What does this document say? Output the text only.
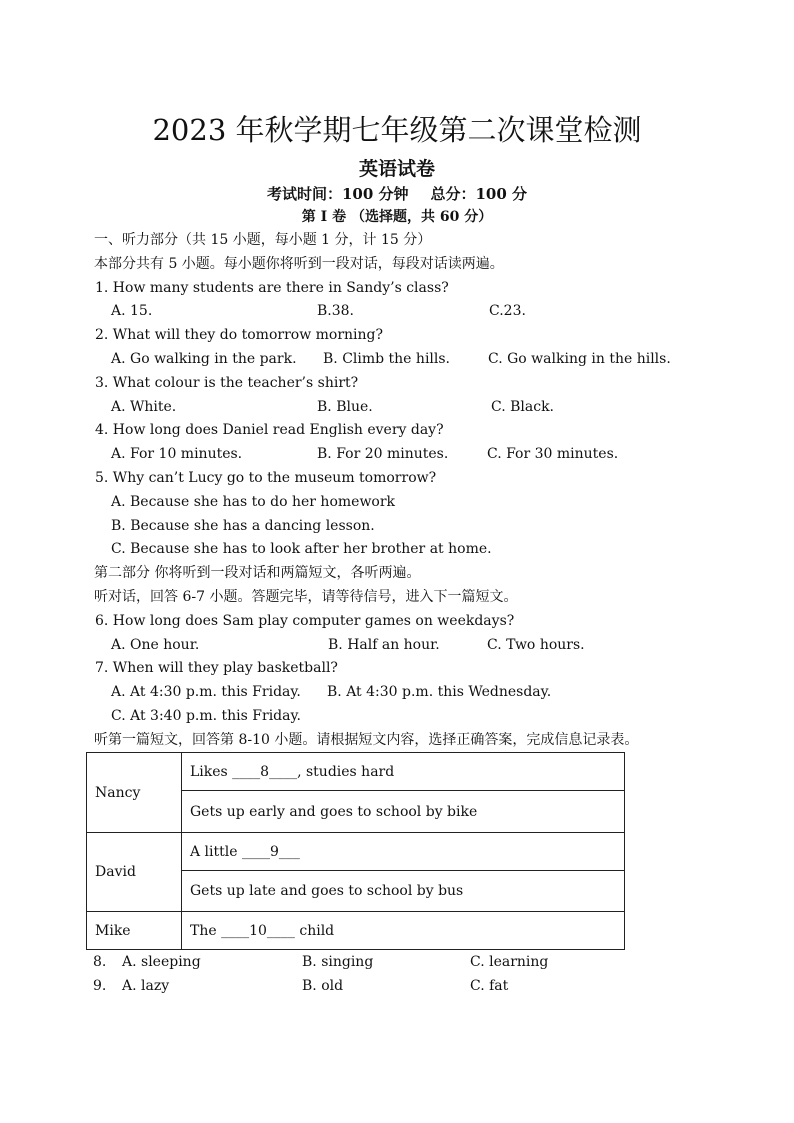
2023 年秋学期七年级第二次课堂检测
英语试卷
考试时间：100 分钟 总分：100 分
第 I 卷 （选择题，共 60 分）
一、听力部分（共 15 小题，每小题 1 分，计 15 分）
本部分共有 5 小题。每小题你将听到一段对话，每段对话读两遍。
1. How many students are there in Sandy’s class?
A. 15.	B.38.	C.23.
2. What will they do tomorrow morning?
A. Go walking in the park. B. Climb the hills.	C. Go walking in the hills.
3. What colour is the teacher’s shirt?
A. White.	B. Blue.	C. Black.
4. How long does Daniel read English every day?
A. For 10 minutes.	B. For 20 minutes.	C. For 30 minutes.
5. Why can’t Lucy go to the museum tomorrow?
A. Because she has to do her homework
B. Because she has a dancing lesson.
C. Because she has to look after her brother at home.
第二部分 你将听到一段对话和两篇短文，各听两遍。
听对话，回答 6-7 小题。答题完毕，请等待信号，进入下一篇短文。
6. How long does Sam play computer games on weekdays?
A. One hour.	B. Half an hour.	C. Two hours.
7. When will they play basketball?
A. At 4:30 p.m. this Friday. B. At 4:30 p.m. this Wednesday.
C. At 3:40 p.m. this Friday.
听第一篇短文，回答第 8-10 小题。请根据短文内容，选择正确答案，完成信息记录表。
Nancy	Likes ____8____, studies hard
	Gets up early and goes to school by bike
David	A little ____9___
	Gets up late and goes to school by bus
Mike	The ____10____ child
8. A. sleeping	B. singing	C. learning
9. A. lazy	B. old	C. fat
